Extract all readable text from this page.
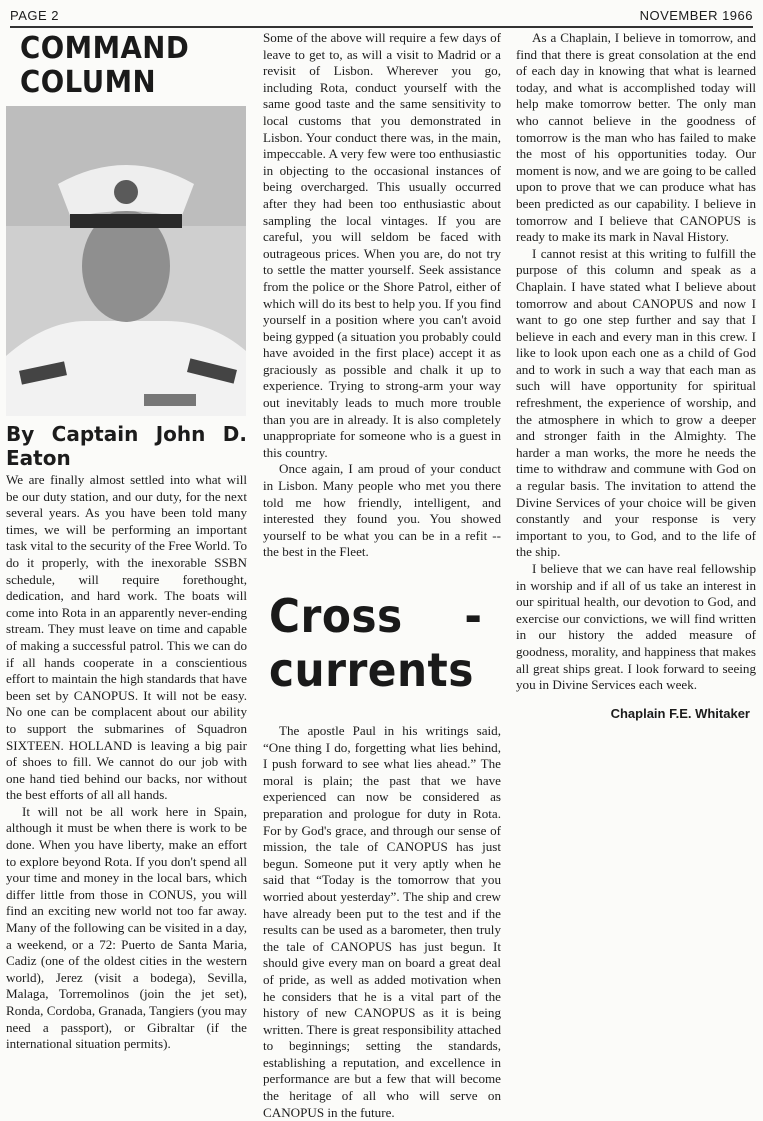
PAGE 2	NOVEMBER 1966
COMMAND COLUMN
By Captain John D. Eaton

We are finally almost settled into what will be our duty station, and our duty, for the next several years. As you have been told many times, we will be performing an important task vital to the security of the Free World. To do it properly, with the inexorable SSBN schedule, will require forethought, dedication, and hard work. The boats will come into Rota in an apparently never-ending stream. They must leave on time and capable of making a successful patrol. This we can do if all hands cooperate in a conscientious effort to maintain the high standards that have been set by CANOPUS. It will not be easy. No one can be complacent about our ability to support the submarines of Squadron SIXTEEN. HOLLAND is leaving a big pair of shoes to fill. We cannot do our job with one hand tied behind our backs, nor without the best efforts of all all hands.

It will not be all work here in Spain, although it must be when there is work to be done. When you have liberty, make an effort to explore beyond Rota. If you don't spend all your time and money in the local bars, which differ little from those in CONUS, you will find an exciting new world not too far away. Many of the following can be visited in a day, a weekend, or a 72: Puerto de Santa Maria, Cadiz (one of the oldest cities in the western world), Jerez (visit a bodega), Sevilla, Malaga, Torremolinos (join the jet set), Ronda, Cordoba, Granada, Tangiers (you may need a passport), or Gibraltar (if the international situation permits).

Some of the above will require a few days of leave to get to, as will a visit to Madrid or a revisit of Lisbon. Wherever you go, including Rota, conduct yourself with the same good taste and the same sensitivity to local customs that you demonstrated in Lisbon. Your conduct there was, in the main, impeccable. A very few were too enthusiastic in objecting to the occasional instances of being overcharged. This usually occurred after they had been too enthusiastic about sampling the local vintages. If you are careful, you will seldom be faced with outrageous prices. When you are, do not try to settle the matter yourself. Seek assistance from the police or the Shore Patrol, either of which will do its best to help you. If you find yourself in a position where you can't avoid being gypped (a situation you probably could have avoided in the first place) accept it as graciously as possible and chalk it up to experience. Trying to strong-arm your way out inevitably leads to much more trouble than you are in already. It is also completely unappropriate for someone who is a guest in this country.

Once again, I am proud of your conduct in Lisbon. Many people who met you there told me how friendly, intelligent, and interested they found you. You showed yourself to be what you can be in a refit -- the best in the Fleet.

Cross - currents

The apostle Paul in his writings said, “One thing I do, forgetting what lies behind, I push forward to see what lies ahead.” The moral is plain; the past that we have experienced can now be considered as preparation and prologue for duty in Rota. For by God's grace, and through our sense of mission, the tale of CANOPUS has just begun. Someone put it very aptly when he said that “Today is the tomorrow that you worried about yesterday”. The ship and crew have already been put to the test and if the results can be used as a barometer, then truly the tale of CANOPUS has just begun. It should give every man on board a great deal of pride, as well as added motivation when he considers that he is a vital part of the history of new CANOPUS as it is being written. There is great responsibility attached to beginnings; setting the standards, establishing a reputation, and excellence in performance are but a few that will become the heritage of all who will serve on CANOPUS in the future.

As a Chaplain, I believe in tomorrow, and find that there is great consolation at the end of each day in knowing that what is learned today, and what is accomplished today will help make tomorrow better. The only man who cannot believe in the goodness of tomorrow is the man who has failed to make the most of his opportunities today. Our moment is now, and we are going to be called upon to prove that we can produce what has been predicted as our capability. I believe in tomorrow and I believe that CANOPUS is ready to make its mark in Naval History.

I cannot resist at this writing to fulfill the purpose of this column and speak as a Chaplain. I have stated what I believe about tomorrow and about CANOPUS and now I want to go one step further and say that I believe in each and every man in this crew. I like to look upon each one as a child of God and to work in such a way that each man as such will have opportunity for spiritual refreshment, the experience of worship, and the atmosphere in which to grow a deeper and stronger faith in the Almighty. The harder a man works, the more he needs the time to withdraw and commune with God on a regular basis. The invitation to attend the Divine Services of your choice will be given constantly and your response is very important to you, to God, and to the life of the ship.

I believe that we can have real fellowship in worship and if all of us take an interest in our spiritual health, our devotion to God, and exercise our convictions, we will find written in our history the added measure of goodness, morality, and happiness that makes all great ships great. I look forward to seeing you in Divine Services each week.

Chaplain F.E. Whitaker
